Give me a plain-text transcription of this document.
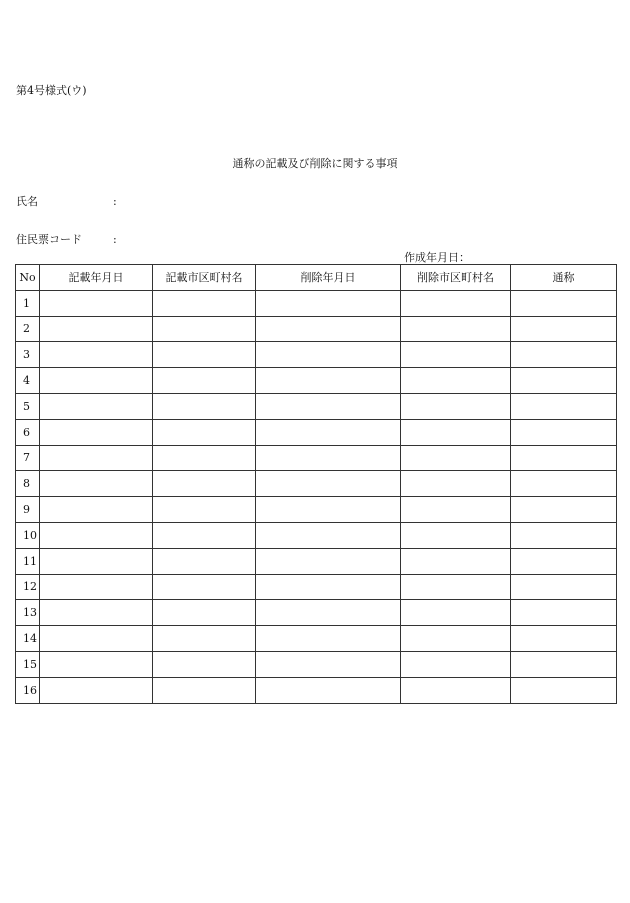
第4号様式(ウ)
通称の記載及び削除に関する事項
氏名	:
住民票コード	:
作成年月日：
No	記載年月日	記載市区町村名	削除年月日	削除市区町村名	通称
1					
2					
3					
4					
5					
6					
7					
8					
9					
10					
11					
12					
13					
14					
15					
16					
